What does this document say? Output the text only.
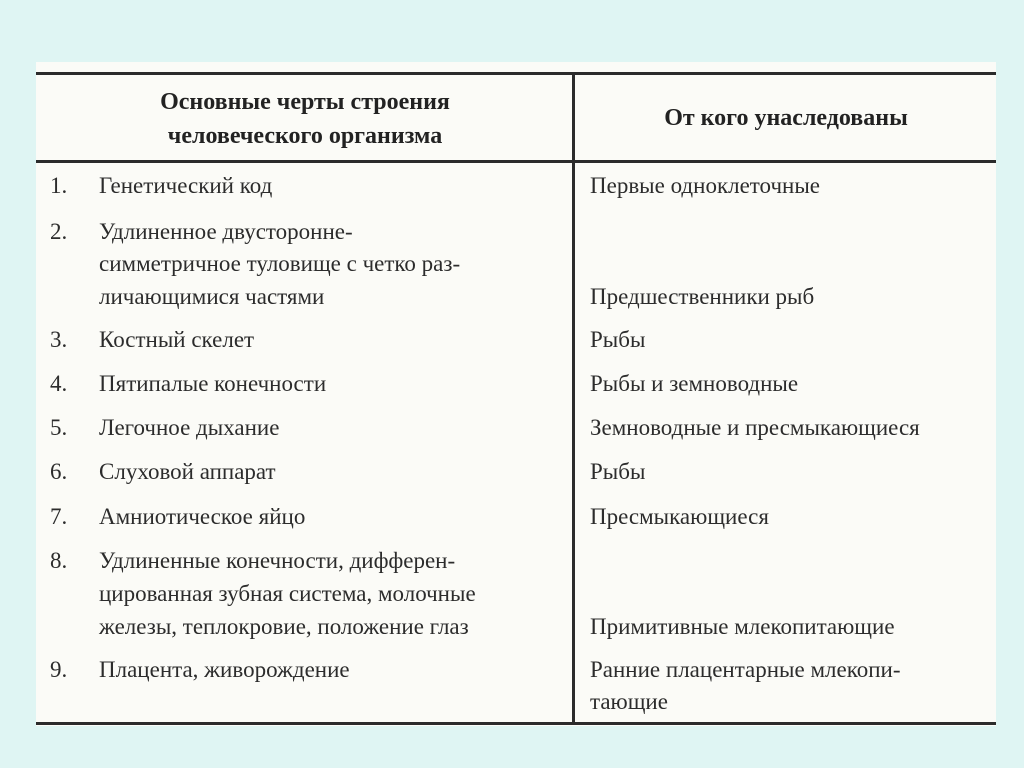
Основные черты строения
человеческого организма
От кого унаследованы
1. Генетический код	Первые одноклеточные
2. Удлиненное двусторонне-
симметричное туловище с четко раз-
личающимися частями	Предшественники рыб
3. Костный скелет	Рыбы
4. Пятипалые конечности	Рыбы и земноводные
5. Легочное дыхание	Земноводные и пресмыкающиеся
6. Слуховой аппарат	Рыбы
7. Амниотическое яйцо	Пресмыкающиеся
8. Удлиненные конечности, дифферен-
цированная зубная система, молочные
железы, теплокровие, положение глаз	Примитивные млекопитающие
9. Плацента, живорождение	Ранние плацентарные млекопи-
тающие
